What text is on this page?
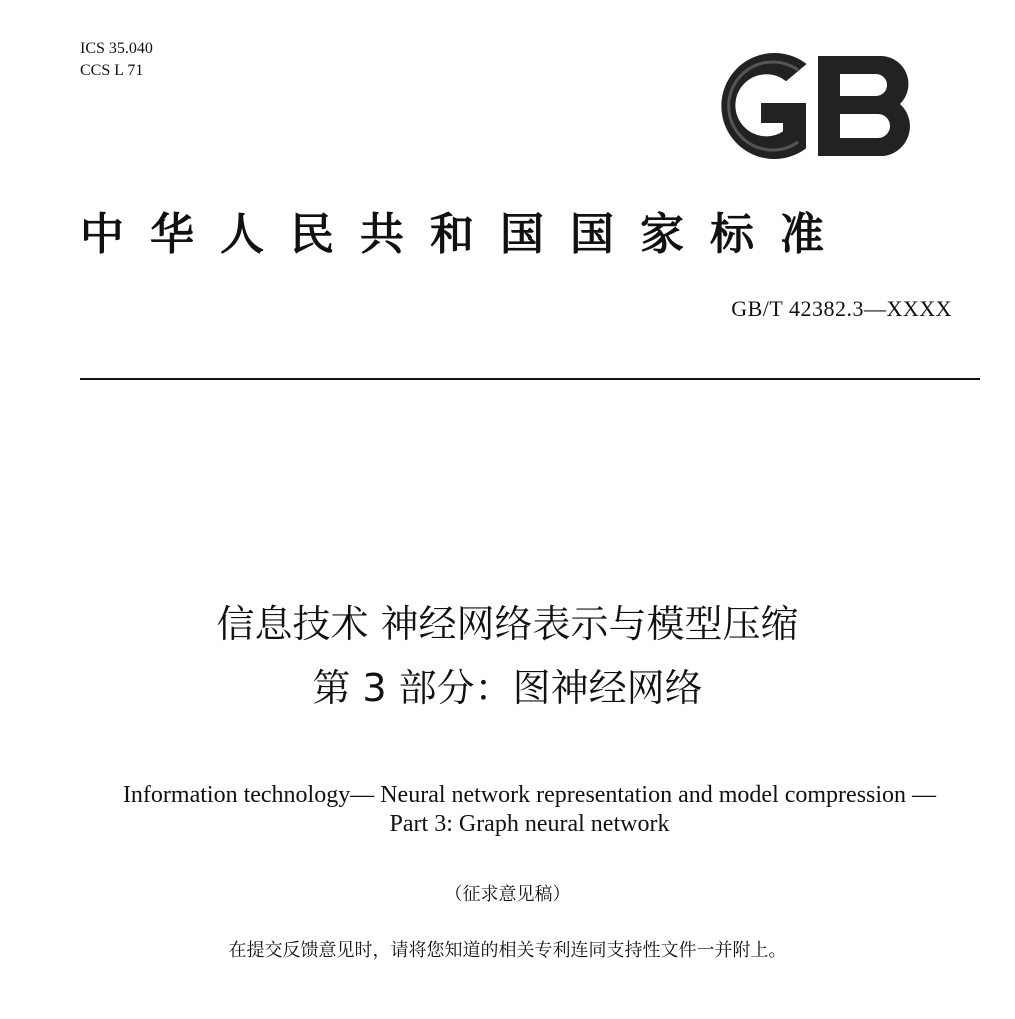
ICS 35.040
CCS L 71
中华人民共和国国家标准
GB/T 42382.3—XXXX
信息技术 神经网络表示与模型压缩
第 3 部分：图神经网络
Information technology— Neural network representation and model compression —
Part 3: Graph neural network
（征求意见稿）
在提交反馈意见时，请将您知道的相关专利连同支持性文件一并附上。
